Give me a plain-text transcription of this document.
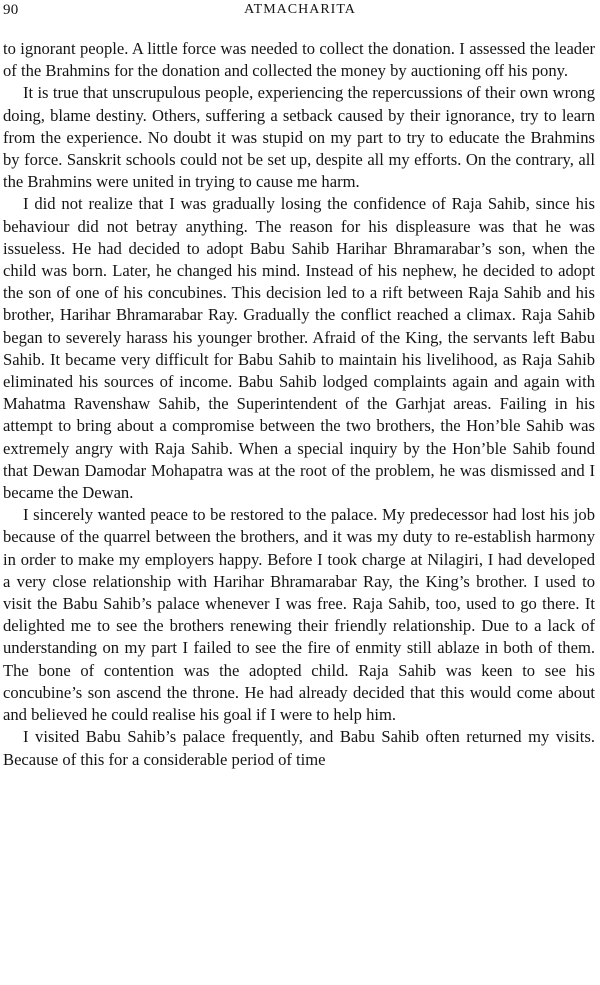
90	ATMACHARITA

to ignorant people. A little force was needed to collect the donation. I assessed the leader of the Brahmins for the donation and collected the money by auctioning off his pony.

It is true that unscrupulous people, experiencing the repercussions of their own wrong doing, blame destiny. Others, suffering a setback caused by their ignorance, try to learn from the experience. No doubt it was stupid on my part to try to educate the Brahmins by force. Sanskrit schools could not be set up, despite all my efforts. On the contrary, all the Brahmins were united in trying to cause me harm.

I did not realize that I was gradually losing the confidence of Raja Sahib, since his behaviour did not betray anything. The reason for his displeasure was that he was issueless. He had decided to adopt Babu Sahib Harihar Bhramarabar’s son, when the child was born. Later, he changed his mind. Instead of his nephew, he decided to adopt the son of one of his concubines. This decision led to a rift between Raja Sahib and his brother, Harihar Bhramarabar Ray. Gradually the conflict reached a climax. Raja Sahib began to severely harass his younger brother. Afraid of the King, the servants left Babu Sahib. It became very difficult for Babu Sahib to maintain his livelihood, as Raja Sahib eliminated his sources of income. Babu Sahib lodged complaints again and again with Mahatma Ravenshaw Sahib, the Superintendent of the Garhjat areas. Failing in his attempt to bring about a compromise between the two brothers, the Hon’ble Sahib was extremely angry with Raja Sahib. When a special inquiry by the Hon’ble Sahib found that Dewan Damodar Mohapatra was at the root of the problem, he was dismissed and I became the Dewan.

I sincerely wanted peace to be restored to the palace. My predecessor had lost his job because of the quarrel between the brothers, and it was my duty to re-establish harmony in order to make my employers happy. Before I took charge at Nilagiri, I had developed a very close relationship with Harihar Bhramarabar Ray, the King’s brother. I used to visit the Babu Sahib’s palace whenever I was free. Raja Sahib, too, used to go there. It delighted me to see the brothers renewing their friendly relationship. Due to a lack of understanding on my part I failed to see the fire of enmity still ablaze in both of them. The bone of contention was the adopted child. Raja Sahib was keen to see his concubine’s son ascend the throne. He had already decided that this would come about and believed he could realise his goal if I were to help him.

I visited Babu Sahib’s palace frequently, and Babu Sahib often returned my visits. Because of this for a considerable period of time
